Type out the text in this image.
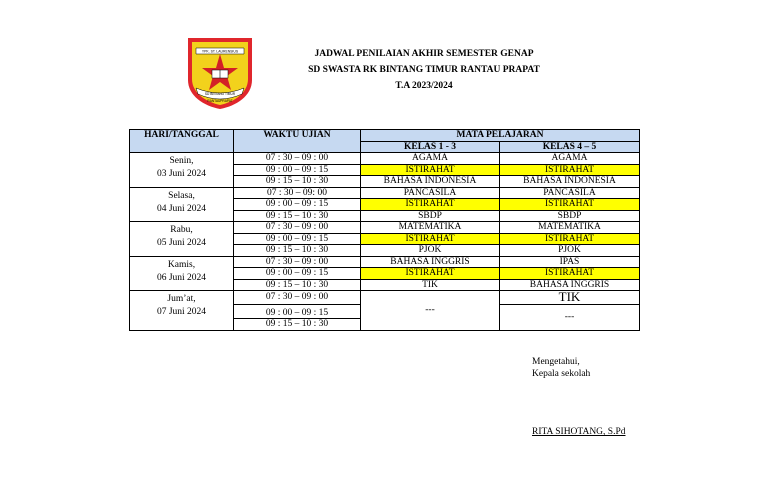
YPK. ST. LAURENSIUS
SD BINTANG TIMUR
RANTAUPRAPAT
JADWAL PENILAIAN AKHIR SEMESTER GENAP
SD SWASTA RK BINTANG TIMUR RANTAU PRAPAT
T.A 2023/2024
HARI/TANGGAL	WAKTU UJIAN	MATA PELAJARAN	
		KELAS 1 - 3	KELAS 4 – 5

Senin,
03 Juni 2024	07 : 30 – 09 : 00	AGAMA	AGAMA
	09 : 00 – 09 : 15	ISTIRAHAT	ISTIRAHAT
	09 : 15 – 10 : 30	BAHASA INDONESIA	BAHASA INDONESIA

Selasa,
04 Juni 2024	07 : 30 – 09: 00	PANCASILA	PANCASILA
	09 : 00 – 09 : 15	ISTIRAHAT	ISTIRAHAT
	09 : 15 – 10 : 30	SBDP	SBDP

Rabu,
05 Juni 2024	07 : 30 – 09 : 00	MATEMATIKA	MATEMATIKA
	09 : 00 – 09 : 15	ISTIRAHAT	ISTIRAHAT
	09 : 15 – 10 : 30	PJOK	PJOK

Kamis,
06 Juni 2024	07 : 30 – 09 : 00	BAHASA INGGRIS	IPAS
	09 : 00 – 09 : 15	ISTIRAHAT	ISTIRAHAT
	09 : 15 – 10 : 30	TIK	BAHASA INGGRIS

Jum’at,
07 Juni 2024	07 : 30 – 09 : 00	---	TIK
	09 : 00 – 09 : 15		---
	09 : 15 – 10 : 30		
Mengetahui,
Kepala sekolah
RITA SIHOTANG, S.Pd
